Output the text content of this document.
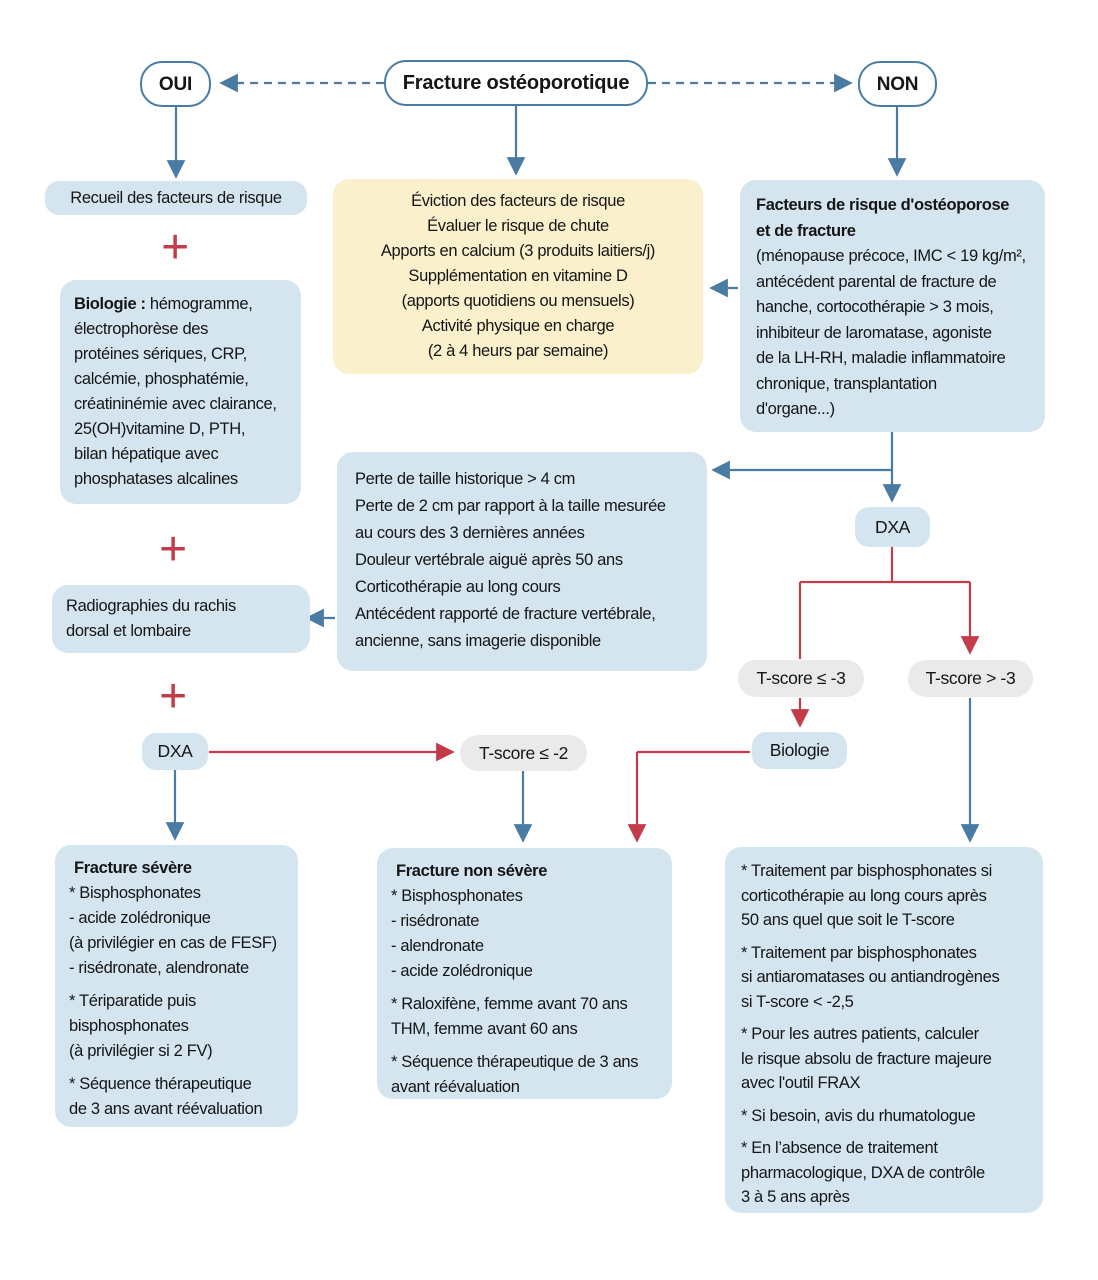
OUI	Fracture ostéoporotique	NON
Recueil des facteurs de risque
+
Biologie : hémogramme,
électrophorèse des
protéines sériques, CRP,
calcémie, phosphatémie,
créatininémie avec clairance,
25(OH)vitamine D, PTH,
bilan hépatique avec
phosphatases alcalines
+
Radiographies du rachis
dorsal et lombaire
+
DXA
Éviction des facteurs de risque
Évaluer le risque de chute
Apports en calcium (3 produits laitiers/j)
Supplémentation en vitamine D
(apports quotidiens ou mensuels)
Activité physique en charge
(2 à 4 heurs par semaine)
Perte de taille historique > 4 cm
Perte de 2 cm par rapport à la taille mesurée
au cours des 3 dernières années
Douleur vertébrale aiguë après 50 ans
Corticothérapie au long cours
Antécédent rapporté de fracture vertébrale,
ancienne, sans imagerie disponible
T-score ≤ -2
Facteurs de risque d'ostéoporose
et de fracture
(ménopause précoce, IMC < 19 kg/m²,
antécédent parental de fracture de
hanche, cortocothérapie > 3 mois,
inhibiteur de laromatase, agoniste
de la LH-RH, maladie inflammatoire
chronique, transplantation
d'organe...)
DXA
T-score ≤ -3	T-score > -3
Biologie
Fracture sévère

* Bisphosphonates
- acide zolédronique
(à privilégier en cas de FESF)
- risédronate, alendronate

* Tériparatide puis
bisphosphonates
(à privilégier si 2 FV)

* Séquence thérapeutique
de 3 ans avant réévaluation

Fracture non sévère

* Bisphosphonates
- risédronate
- alendronate
- acide zolédronique

* Raloxifène, femme avant 70 ans
THM, femme avant 60 ans

* Séquence thérapeutique de 3 ans
avant réévaluation

* Traitement par bisphosphonates si
corticothérapie au long cours après
50 ans quel que soit le T-score

* Traitement par bisphosphonates
si antiaromatases ou antiandrogènes
si T-score < -2,5

* Pour les autres patients, calculer
le risque absolu de fracture majeure
avec l'outil FRAX

* Si besoin, avis du rhumatologue

* En l’absence de traitement
pharmacologique, DXA de contrôle
3 à 5 ans après
